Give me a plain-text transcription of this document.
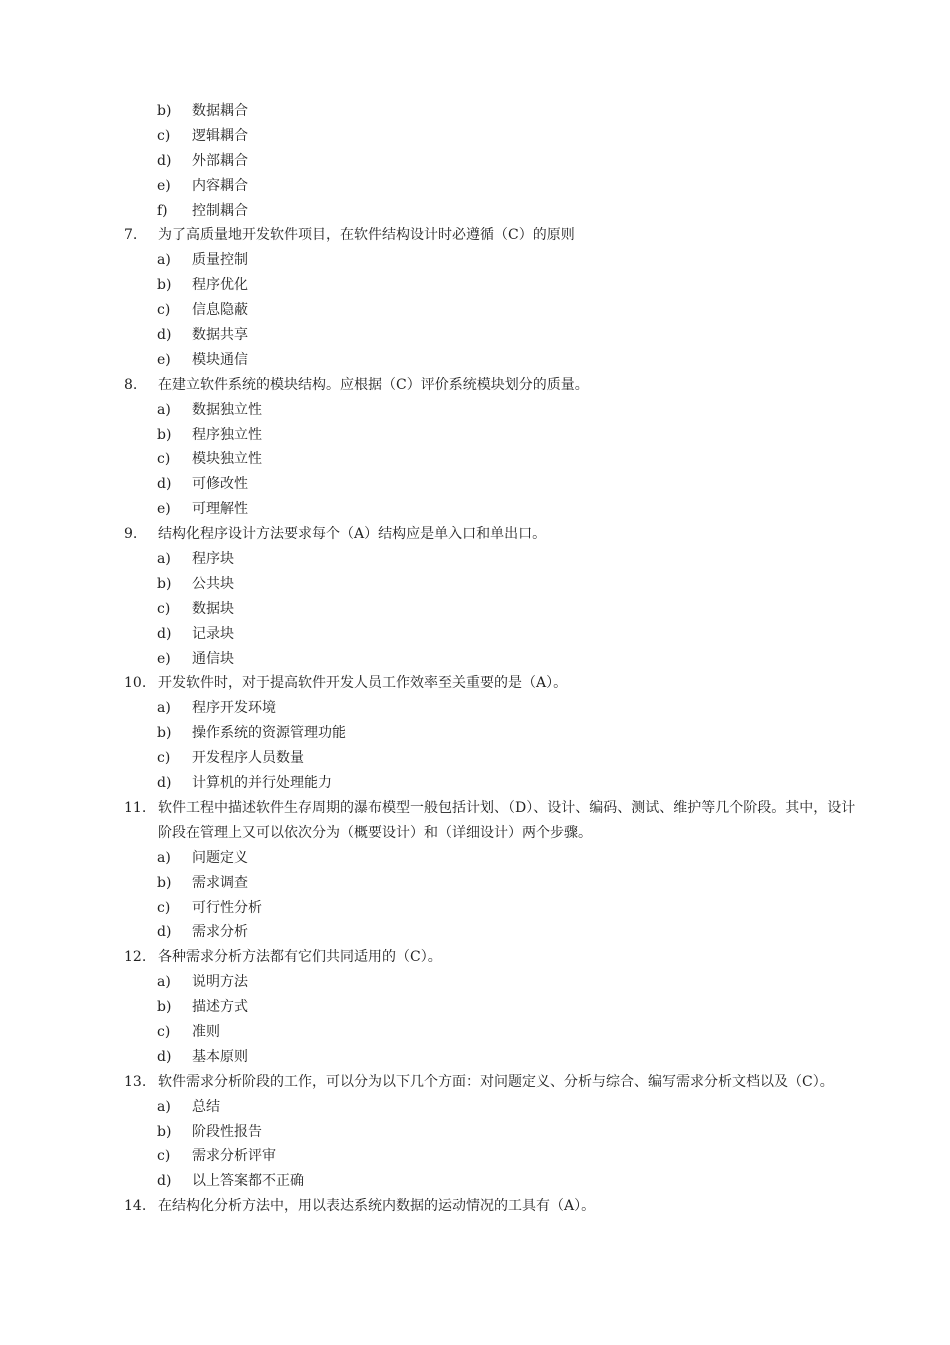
b)	数据耦合
c)	逻辑耦合
d)	外部耦合
e)	内容耦合
f)	控制耦合
7.	为了高质量地开发软件项目，在软件结构设计时必遵循（C）的原则
a)	质量控制
b)	程序优化
c)	信息隐蔽
d)	数据共享
e)	模块通信
8.	在建立软件系统的模块结构。应根据（C）评价系统模块划分的质量。
a)	数据独立性
b)	程序独立性
c)	模块独立性
d)	可修改性
e)	可理解性
9.	结构化程序设计方法要求每个（A）结构应是单入口和单出口。
a)	程序块
b)	公共块
c)	数据块
d)	记录块
e)	通信块
10. 开发软件时，对于提高软件开发人员工作效率至关重要的是（A）。
a)	程序开发环境
b)	操作系统的资源管理功能
c)	开发程序人员数量
d)	计算机的并行处理能力
11. 软件工程中描述软件生存周期的瀑布模型一般包括计划、（D）、设计、编码、测试、维护等几个阶段。其中，设计阶段在管理上又可以依次分为（概要设计）和（详细设计）两个步骤。
a)	问题定义
b)	需求调查
c)	可行性分析
d)	需求分析
12. 各种需求分析方法都有它们共同适用的（C）。
a)	说明方法
b)	描述方式
c)	准则
d)	基本原则
13. 软件需求分析阶段的工作，可以分为以下几个方面：对问题定义、分析与综合、编写需求分析文档以及（C）。
a)	总结
b)	阶段性报告
c)	需求分析评审
d)	以上答案都不正确
14. 在结构化分析方法中，用以表达系统内数据的运动情况的工具有（A）。
